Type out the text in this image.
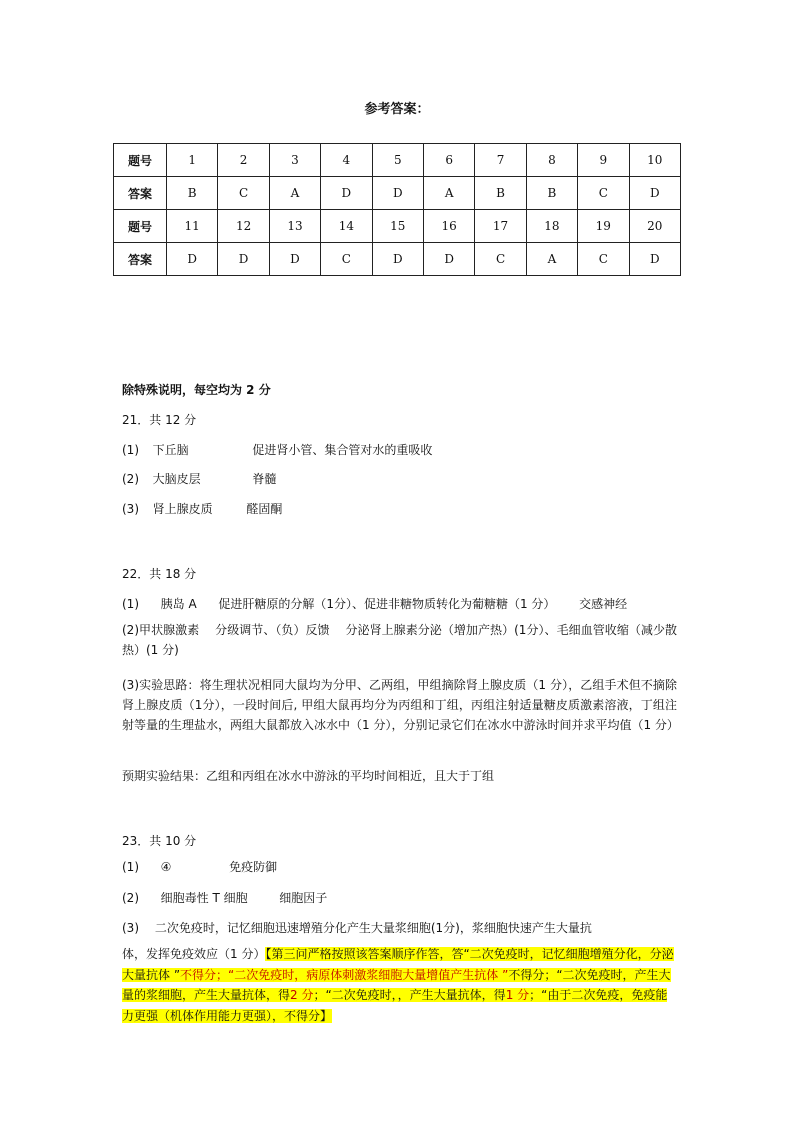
参考答案：
题号	1	2	3	4	5	6	7	8	9	10
答案	B	C	A	D	D	A	B	B	C	D
题号	11	12	13	14	15	16	17	18	19	20
答案	D	D	D	C	D	D	C	A	C	D
除特殊说明，每空均为 2 分
21．共 12 分
(1) 下丘脑	促进肾小管、集合管对水的重吸收
(2) 大脑皮层	脊髓
(3) 肾上腺皮质	醛固酮
22．共 18 分
(1) 胰岛 A 促进肝糖原的分解（1分）、促进非糖物质转化为葡糖糖（1 分） 交感神经
(2)甲状腺激素　 分级调节、（负）反馈　 分泌肾上腺素分泌（增加产热）(1分）、毛细血管收缩（减少散热）(1 分)
(3)实验思路：将生理状况相同大鼠均为分甲、乙两组，甲组摘除肾上腺皮质（1 分），乙组手术但不摘除肾上腺皮质（1分），一段时间后, 甲组大鼠再均分为丙组和丁组，丙组注射适量糖皮质激素溶液，丁组注射等量的生理盐水，两组大鼠都放入冰水中（1 分），分别记录它们在冰水中游泳时间并求平均值（1 分）
预期实验结果：乙组和丙组在冰水中游泳的平均时间相近，且大于丁组
23．共 10 分
(1) ④	免疫防御
(2) 细胞毒性 T 细胞	细胞因子
(3)　 二次免疫时，记忆细胞迅速增殖分化产生大量浆细胞(1分)，浆细胞快速产生大量抗
体，发挥免疫效应（1 分）【第三问严格按照该答案顺序作答，答“二次免疫时，记忆细胞增殖分化，分泌大量抗体 ”不得分；“二次免疫时，病原体刺激浆细胞大量增值产生抗体 ”不得分；“二次免疫时，产生大量的浆细胞，产生大量抗体，得2 分；“二次免疫时，，产生大量抗体，得1 分；“由于二次免疫，免疫能力更强（机体作用能力更强），不得分】
